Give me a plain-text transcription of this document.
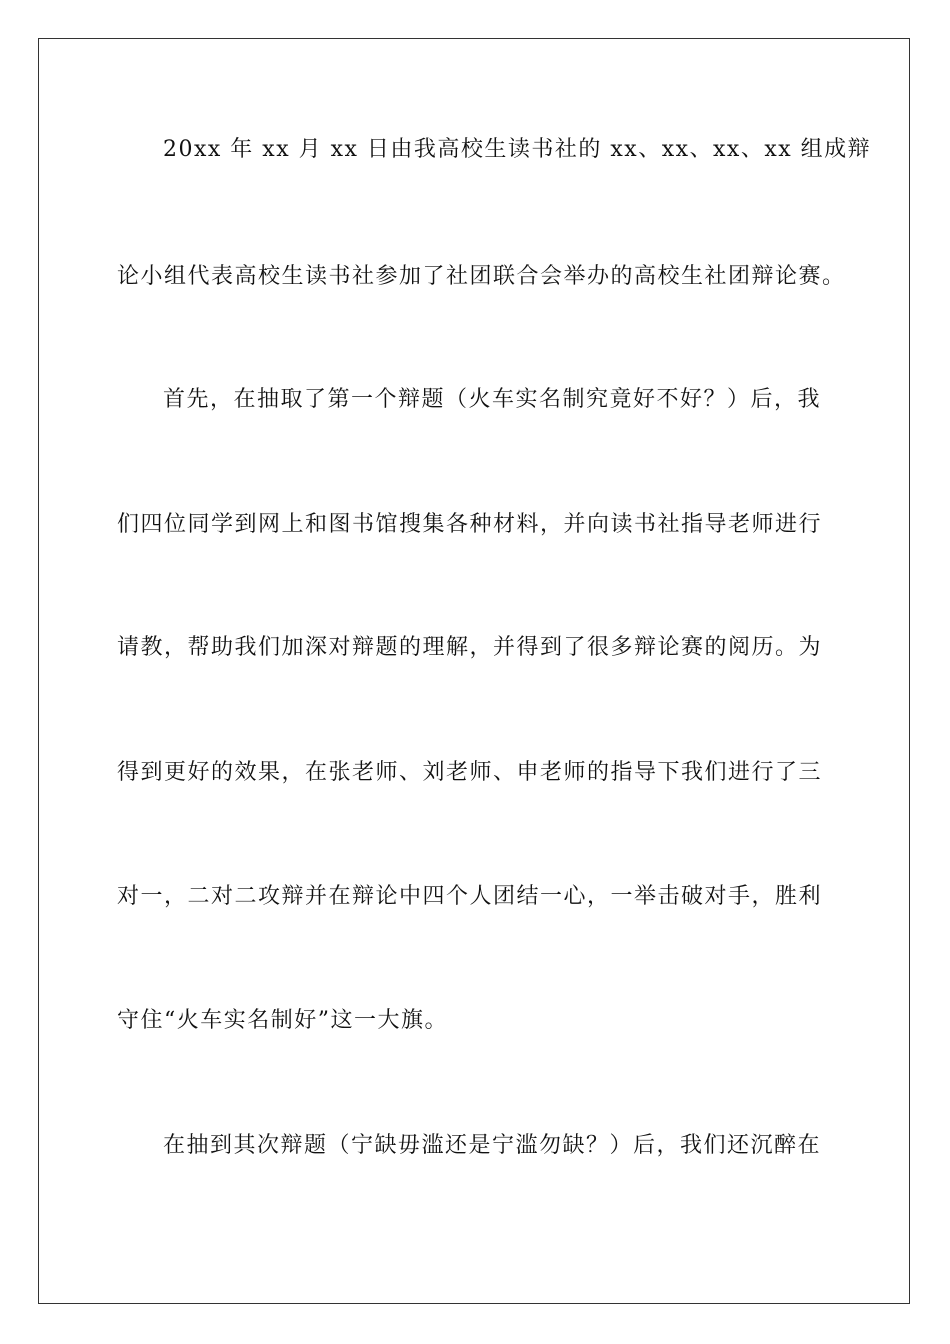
20xx 年 xx 月 xx 日由我高校生读书社的 xx、xx、xx、xx 组成辩
论小组代表高校生读书社参加了社团联合会举办的高校生社团辩论赛。
首先，在抽取了第一个辩题（火车实名制究竟好不好？）后，我
们四位同学到网上和图书馆搜集各种材料，并向读书社指导老师进行
请教，帮助我们加深对辩题的理解，并得到了很多辩论赛的阅历。为
得到更好的效果，在张老师、刘老师、申老师的指导下我们进行了三
对一，二对二攻辩并在辩论中四个人团结一心，一举击破对手，胜利
守住“火车实名制好”这一大旗。
在抽到其次辩题（宁缺毋滥还是宁滥勿缺？）后，我们还沉醉在
